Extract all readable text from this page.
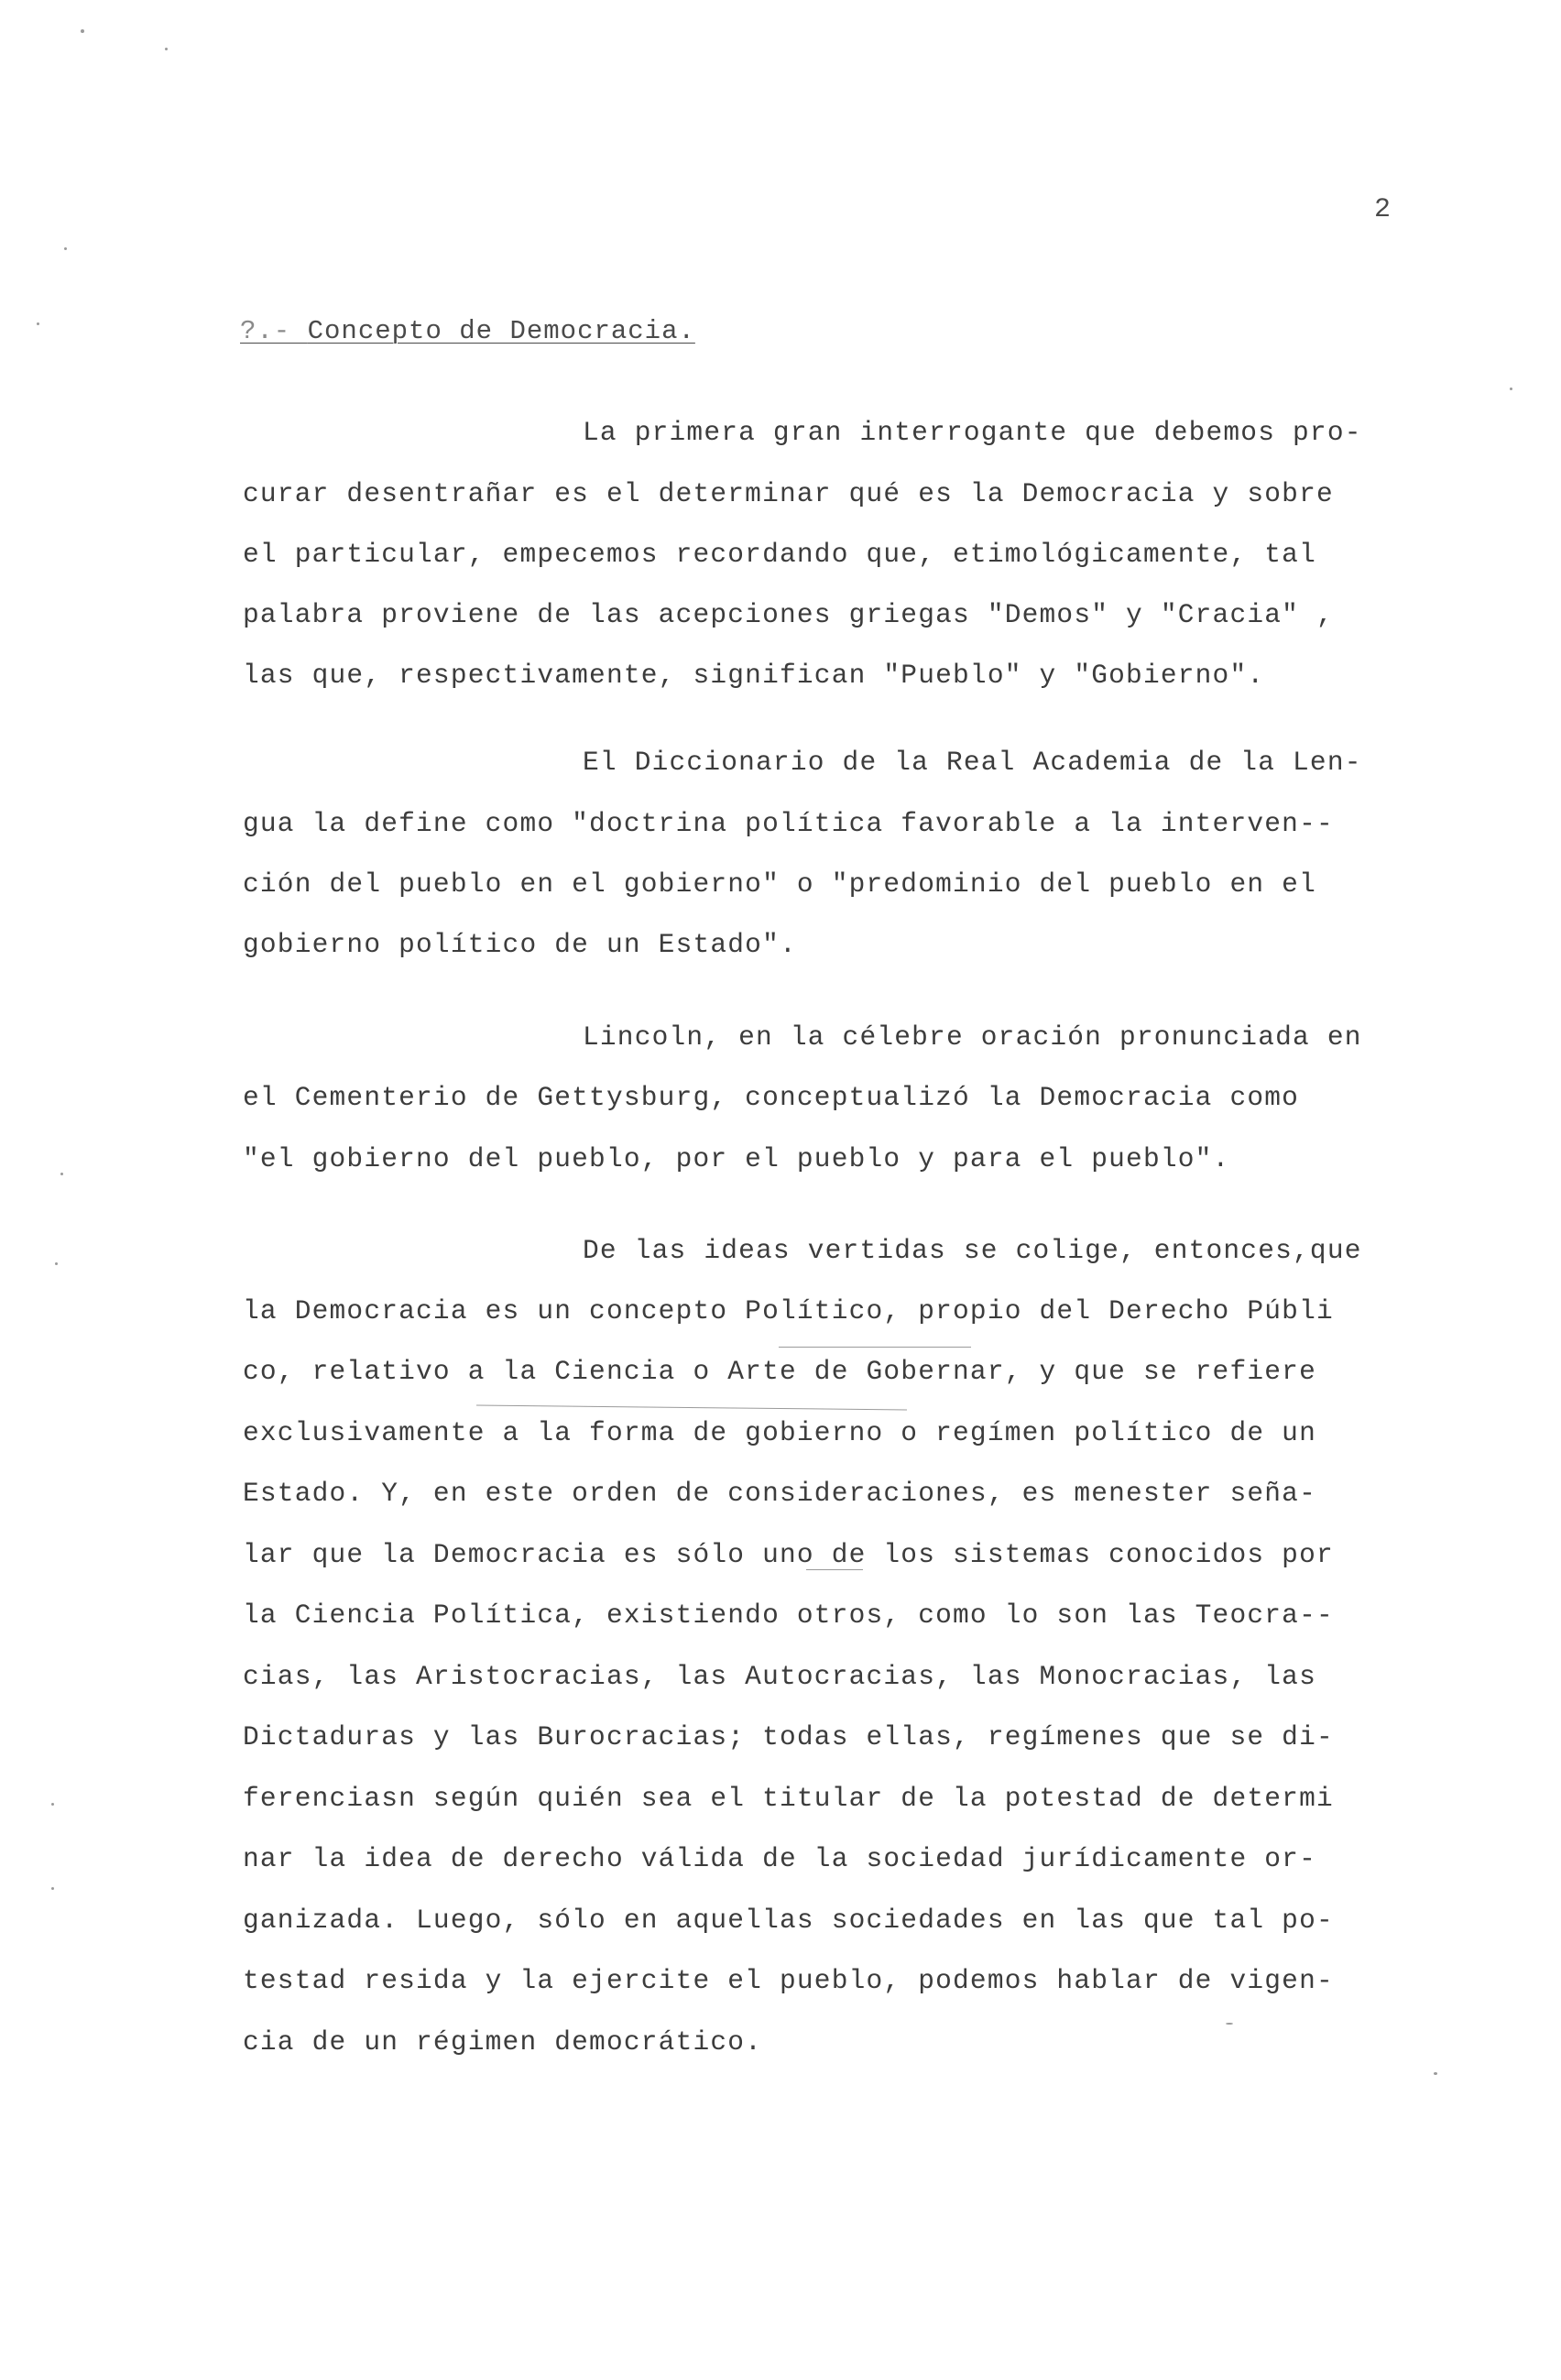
2
?.- Concepto de Democracia.
La primera gran interrogante que debemos pro-
curar desentrañar es el determinar qué es la Democracia y sobre
el particular, empecemos recordando que, etimológicamente, tal
palabra proviene de las acepciones griegas "Demos" y "Cracia" ,
las que, respectivamente, significan "Pueblo" y "Gobierno".
El Diccionario de la Real Academia de la Len-
gua la define como "doctrina política favorable a la interven--
ción del pueblo en el gobierno" o "predominio del pueblo en el
gobierno político de un Estado".
Lincoln, en la célebre oración pronunciada en
el Cementerio de Gettysburg, conceptualizó la Democracia como
"el gobierno del pueblo, por el pueblo y para el pueblo".
De las ideas vertidas se colige, entonces,que
la Democracia es un concepto Político, propio del Derecho Públi
co, relativo a la Ciencia o Arte de Gobernar, y que se refiere
exclusivamente a la forma de gobierno o regímen político de un
Estado. Y, en este orden de consideraciones, es menester seña-
lar que la Democracia es sólo uno de los sistemas conocidos por
la Ciencia Política, existiendo otros, como lo son las Teocra--
cias, las Aristocracias, las Autocracias, las Monocracias, las
Dictaduras y las Burocracias; todas ellas, regímenes que se di-
ferenciasn según quién sea el titular de la potestad de determi
nar la idea de derecho válida de la sociedad jurídicamente or-
ganizada. Luego, sólo en aquellas sociedades en las que tal po-
testad resida y la ejercite el pueblo, podemos hablar de vigen-
cia de un régimen democrático.
